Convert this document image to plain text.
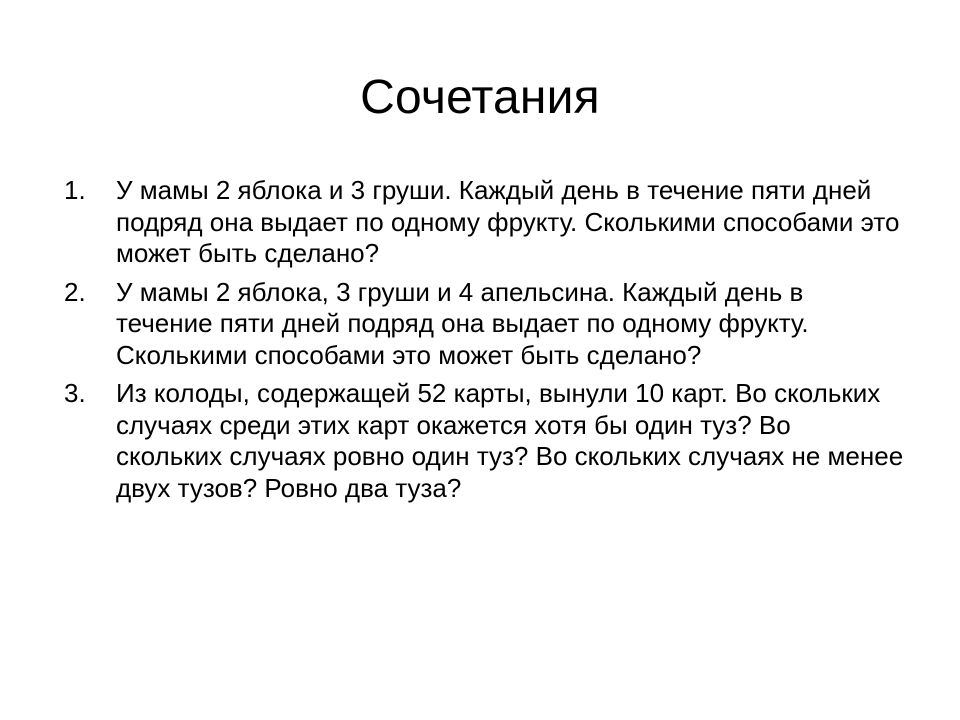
Сочетания
1.	У мамы 2 яблока и 3 груши. Каждый день в течение пяти дней подряд она выдает по одному фрукту. Сколькими способами это может быть сделано?
2.	У мамы 2 яблока, 3 груши и 4 апельсина. Каждый день в течение пяти дней подряд она выдает по одному фрукту. Сколькими способами это может быть сделано?
3.	Из колоды, содержащей 52 карты, вынули 10 карт. Во скольких случаях среди этих карт окажется хотя бы один туз? Во скольких случаях ровно один туз? Во скольких случаях не менее двух тузов? Ровно два туза?
